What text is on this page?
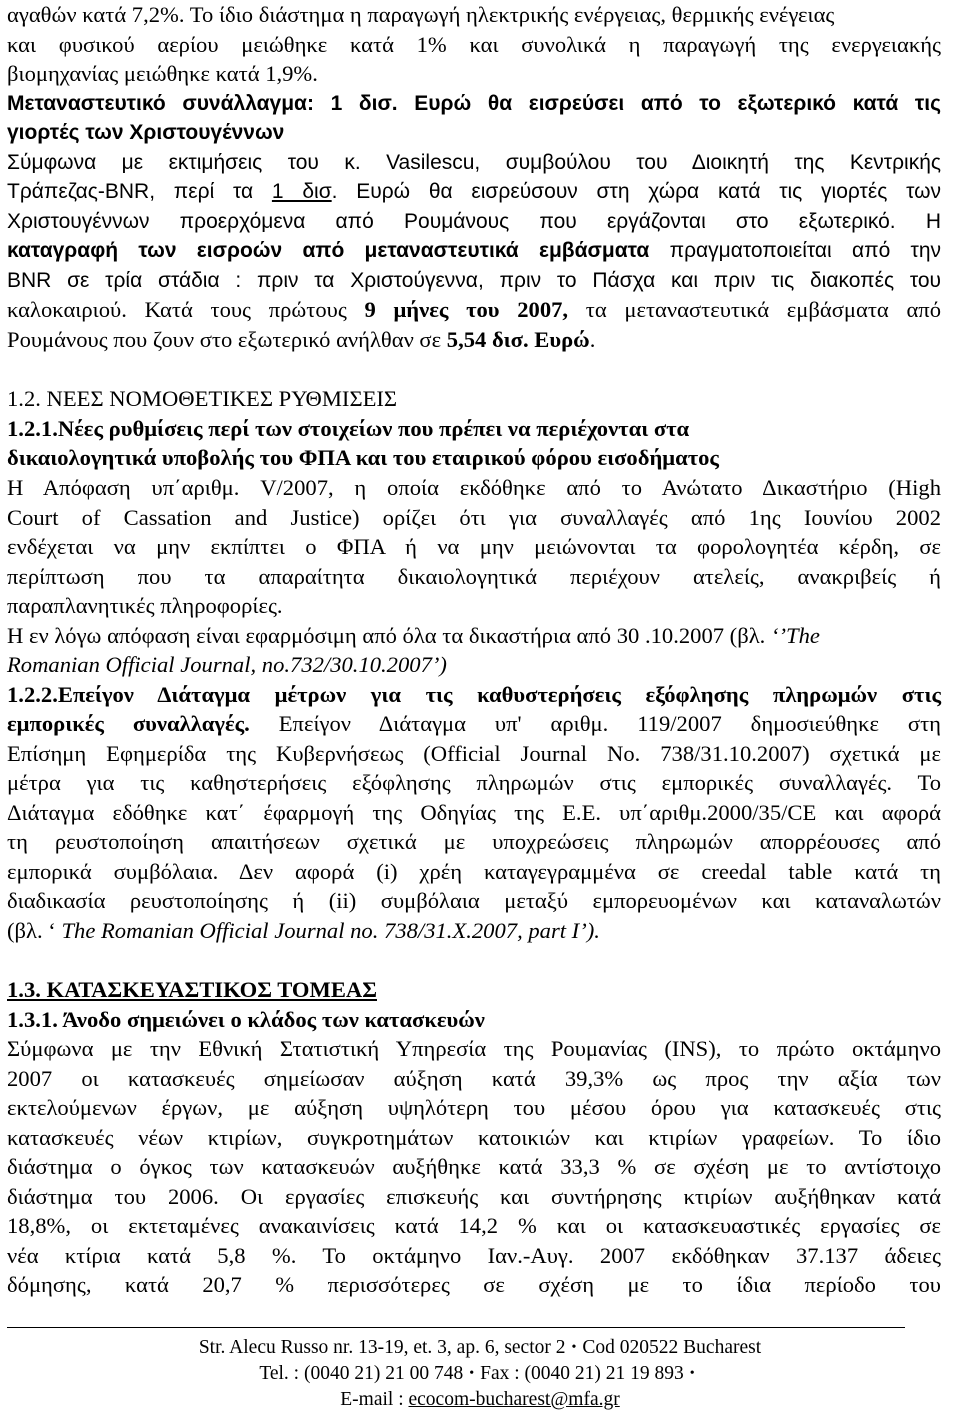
αγαθών κατά 7,2%. Το ίδιο διάστημα η παραγωγή ηλεκτρικής ενέργειας, θερμικής ενέγειας
και φυσικού αερίου μειώθηκε κατά 1% και συνολικά η παραγωγή της ενεργειακής
βιομηχανίας μειώθηκε κατά 1,9%.
Μεταναστευτικό συνάλλαγμα: 1 δισ. Ευρώ θα εισρεύσει από το εξωτερικό κατά τις
γιορτές των Χριστουγέννων
Σύμφωνα με εκτιμήσεις του κ. Vasilescu, συμβούλου του Διοικητή της Κεντρικής
Τράπεζας-BNR, περί τα 1 δισ. Ευρώ θα εισρεύσουν στη χώρα κατά τις γιορτές των
Χριστουγέννων προερχόμενα από Ρουμάνους που εργάζονται στο εξωτερικό. Η
καταγραφή των εισροών από μεταναστευτικά εμβάσματα πραγματοποιείται από την
BNR σε τρία στάδια : πριν τα Χριστούγεννα, πριν το Πάσχα και πριν τις διακοπές του
καλοκαιριού. Κατά τους πρώτους 9 μήνες του 2007, τα μεταναστευτικά εμβάσματα από
Ρουμάνους που ζουν στο εξωτερικό ανήλθαν σε 5,54 δισ. Ευρώ.
1.2. ΝΕΕΣ ΝΟΜΟΘΕΤΙΚΕΣ ΡΥΘΜΙΣΕΙΣ
1.2.1.Νέες ρυθμίσεις περί των στοιχείων που πρέπει να περιέχονται στα
δικαιολογητικά υποβολής του ΦΠΑ και του εταιρικού φόρου εισοδήματος
Η Απόφαση υπ΄αριθμ. V/2007, η οποία εκδόθηκε από το Ανώτατο Δικαστήριο (High
Court of Cassation and Justice) ορίζει ότι για συναλλαγές από 1ης Ιουνίου 2002
ενδέχεται να μην εκπίπτει ο ΦΠΑ ή να μην μειώνονται τα φορολογητέα κέρδη, σε
περίπτωση που τα απαραίτητα δικαιολογητικά περιέχουν ατελείς, ανακριβείς ή
παραπλανητικές πληροφορίες.
Η εν λόγω απόφαση είναι εφαρμόσιμη από όλα τα δικαστήρια από 30 .10.2007 (βλ. ‘’The
Romanian Official Journal, no.732/30.10.2007’)
1.2.2.Επείγον Διάταγμα μέτρων για τις καθυστερήσεις εξόφλησης πληρωμών στις
εμπορικές συναλλαγές. Επείγον Διάταγμα υπ' αριθμ. 119/2007 δημοσιεύθηκε στη
Επίσημη Εφημερίδα της Κυβερνήσεως (Official Journal No. 738/31.10.2007) σχετικά με
μέτρα για τις καθηστερήσεις εξόφλησης πληρωμών στις εμπορικές συναλλαγές. Το
Διάταγμα εδόθηκε κατ΄ έφαρμογή της Οδηγίας της Ε.Ε. υπ΄αριθμ.2000/35/CE και αφορά
τη ρευστοποίηση απαιτήσεων σχετικά με υποχρεώσεις πληρωμών απορρέουσες από
εμπορικά συμβόλαια. Δεν αφορά (i) χρέη καταγεγραμμένα σε creedal table κατά τη
διαδικασία ρευστοποίησης ή (ii) συμβόλαια μεταξύ εμπορευομένων και καταναλωτών
(βλ. ‘ The Romanian Official Journal no. 738/31.X.2007, part I’).
1.3. ΚΑΤΑΣΚΕΥΑΣΤΙΚΟΣ ΤΟΜΕΑΣ
1.3.1. Άνοδο σημειώνει ο κλάδος των κατασκευών
Σύμφωνα με την Εθνική Στατιστική Υπηρεσία της Ρουμανίας (INS), το πρώτο οκτάμηνο
2007 οι κατασκευές σημείωσαν αύξηση κατά 39,3% ως προς την αξία των
εκτελούμενων έργων, με αύξηση υψηλότερη του μέσου όρου για κατασκευές στις
κατασκευές νέων κτιρίων, συγκροτημάτων κατοικιών και κτιρίων γραφείων. Το ίδιο
διάστημα ο όγκος των κατασκευών αυξήθηκε κατά 33,3 % σε σχέση με το αντίστοιχο
διάστημα του 2006. Οι εργασίες επισκευής και συντήρησης κτιρίων αυξήθηκαν κατά
18,8%, οι εκτεταμένες ανακαινίσεις κατά 14,2 % και οι κατασκευαστικές εργασίες σε
νέα κτίρια κατά 5,8 %. Το οκτάμηνο Ιαν.-Αυγ. 2007 εκδόθηκαν 37.137 άδειες
δόμησης, κατά 20,7 % περισσότερες σε σχέση με το ίδια περίοδο του
Str. Alecu Russo nr. 13-19, et. 3, ap. 6, sector 2 • Cod 020522 Bucharest
Tel. : (0040 21) 21 00 748 • Fax : (0040 21) 21 19 893 •
E-mail : ecocom-bucharest@mfa.gr
